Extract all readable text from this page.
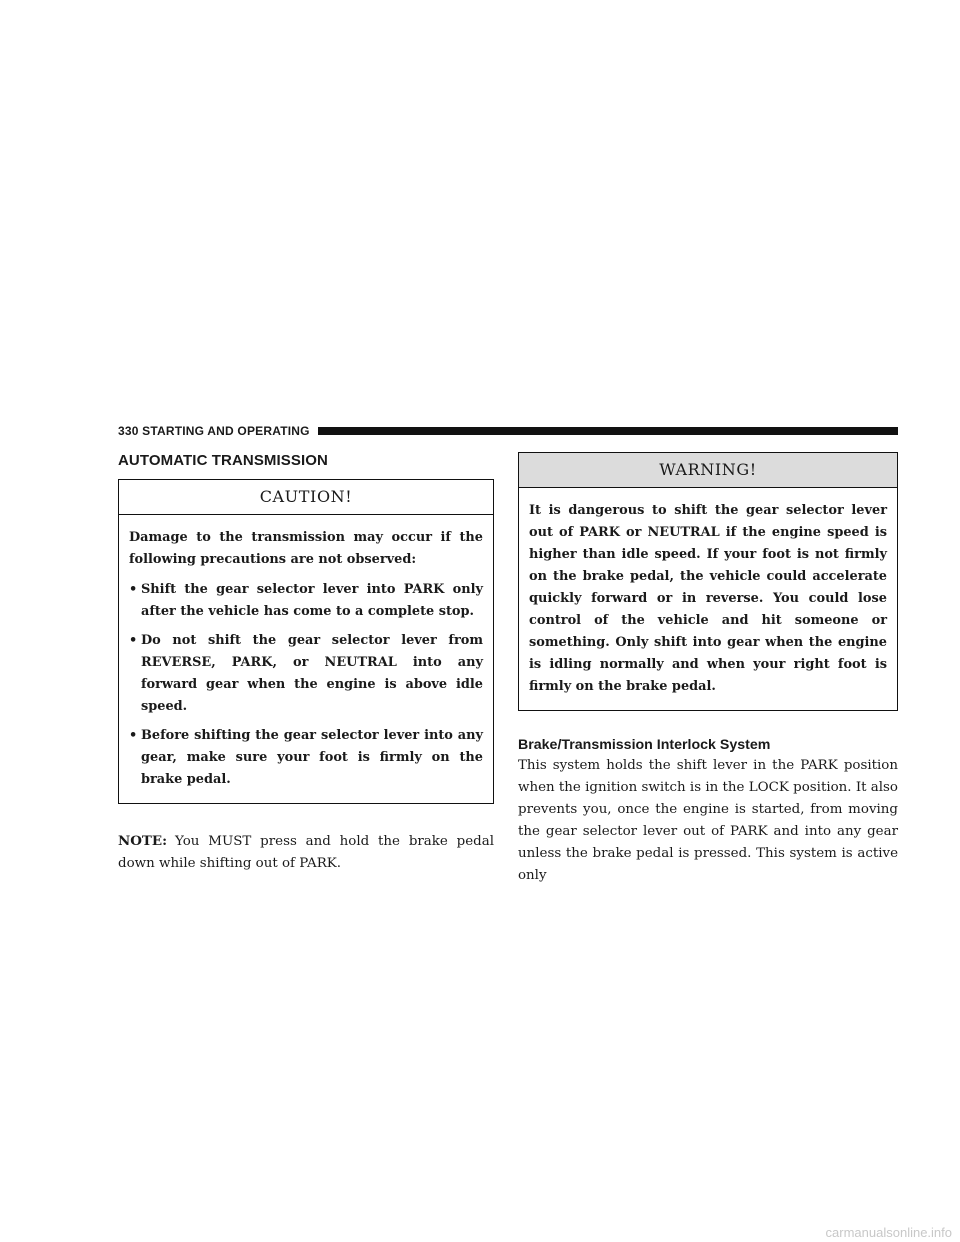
330 STARTING AND OPERATING
AUTOMATIC TRANSMISSION
CAUTION!

Damage to the transmission may occur if the following precautions are not observed:

• Shift the gear selector lever into PARK only after the vehicle has come to a complete stop.
• Do not shift the gear selector lever from REVERSE, PARK, or NEUTRAL into any forward gear when the engine is above idle speed.
• Before shifting the gear selector lever into any gear, make sure your foot is firmly on the brake pedal.
NOTE: You MUST press and hold the brake pedal down while shifting out of PARK.
WARNING!

It is dangerous to shift the gear selector lever out of PARK or NEUTRAL if the engine speed is higher than idle speed. If your foot is not firmly on the brake pedal, the vehicle could accelerate quickly forward or in reverse. You could lose control of the vehicle and hit someone or something. Only shift into gear when the engine is idling normally and when your right foot is firmly on the brake pedal.

Brake/Transmission Interlock System

This system holds the shift lever in the PARK position when the ignition switch is in the LOCK position. It also prevents you, once the engine is started, from moving the gear selector lever out of PARK and into any gear unless the brake pedal is pressed. This system is active only

carmanualsonline.info
